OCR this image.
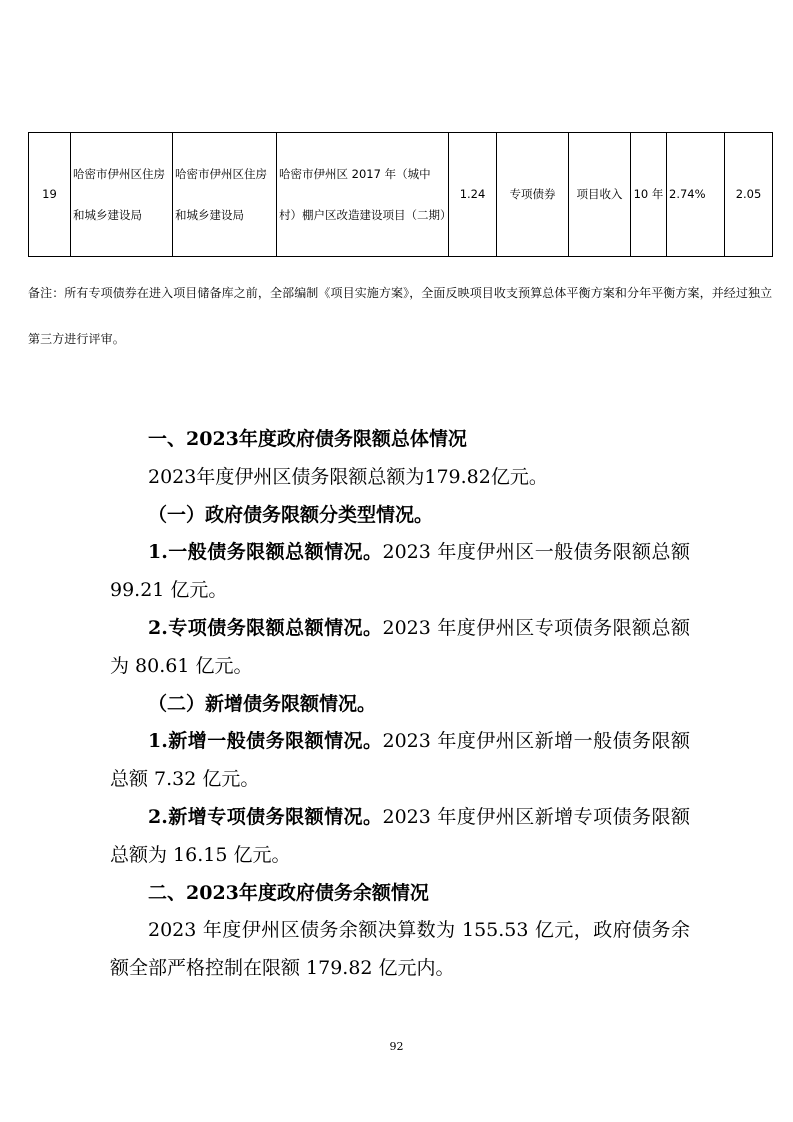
19	哈密市伊州区住房和城乡建设局	哈密市伊州区住房和城乡建设局	哈密市伊州区 2017 年（城中村）棚户区改造建设项目（二期）	1.24	专项债券	项目收入	10 年	2.74%	2.05
备注：所有专项债券在进入项目储备库之前，全部编制《项目实施方案》，全面反映项目收支预算总体平衡方案和分年平衡方案，并经过独立第三方进行评审。

一、2023年度政府债务限额总体情况

2023年度伊州区债务限额总额为179.82亿元。

（一）政府债务限额分类型情况。

1.一般债务限额总额情况。2023 年度伊州区一般债务限额总额 99.21 亿元。

2.专项债务限额总额情况。2023 年度伊州区专项债务限额总额为 80.61 亿元。

（二）新增债务限额情况。

1.新增一般债务限额情况。2023 年度伊州区新增一般债务限额总额 7.32 亿元。

2.新增专项债务限额情况。2023 年度伊州区新增专项债务限额总额为 16.15 亿元。

二、2023年度政府债务余额情况

2023 年度伊州区债务余额决算数为 155.53 亿元，政府债务余额全部严格控制在限额 179.82 亿元内。

92
